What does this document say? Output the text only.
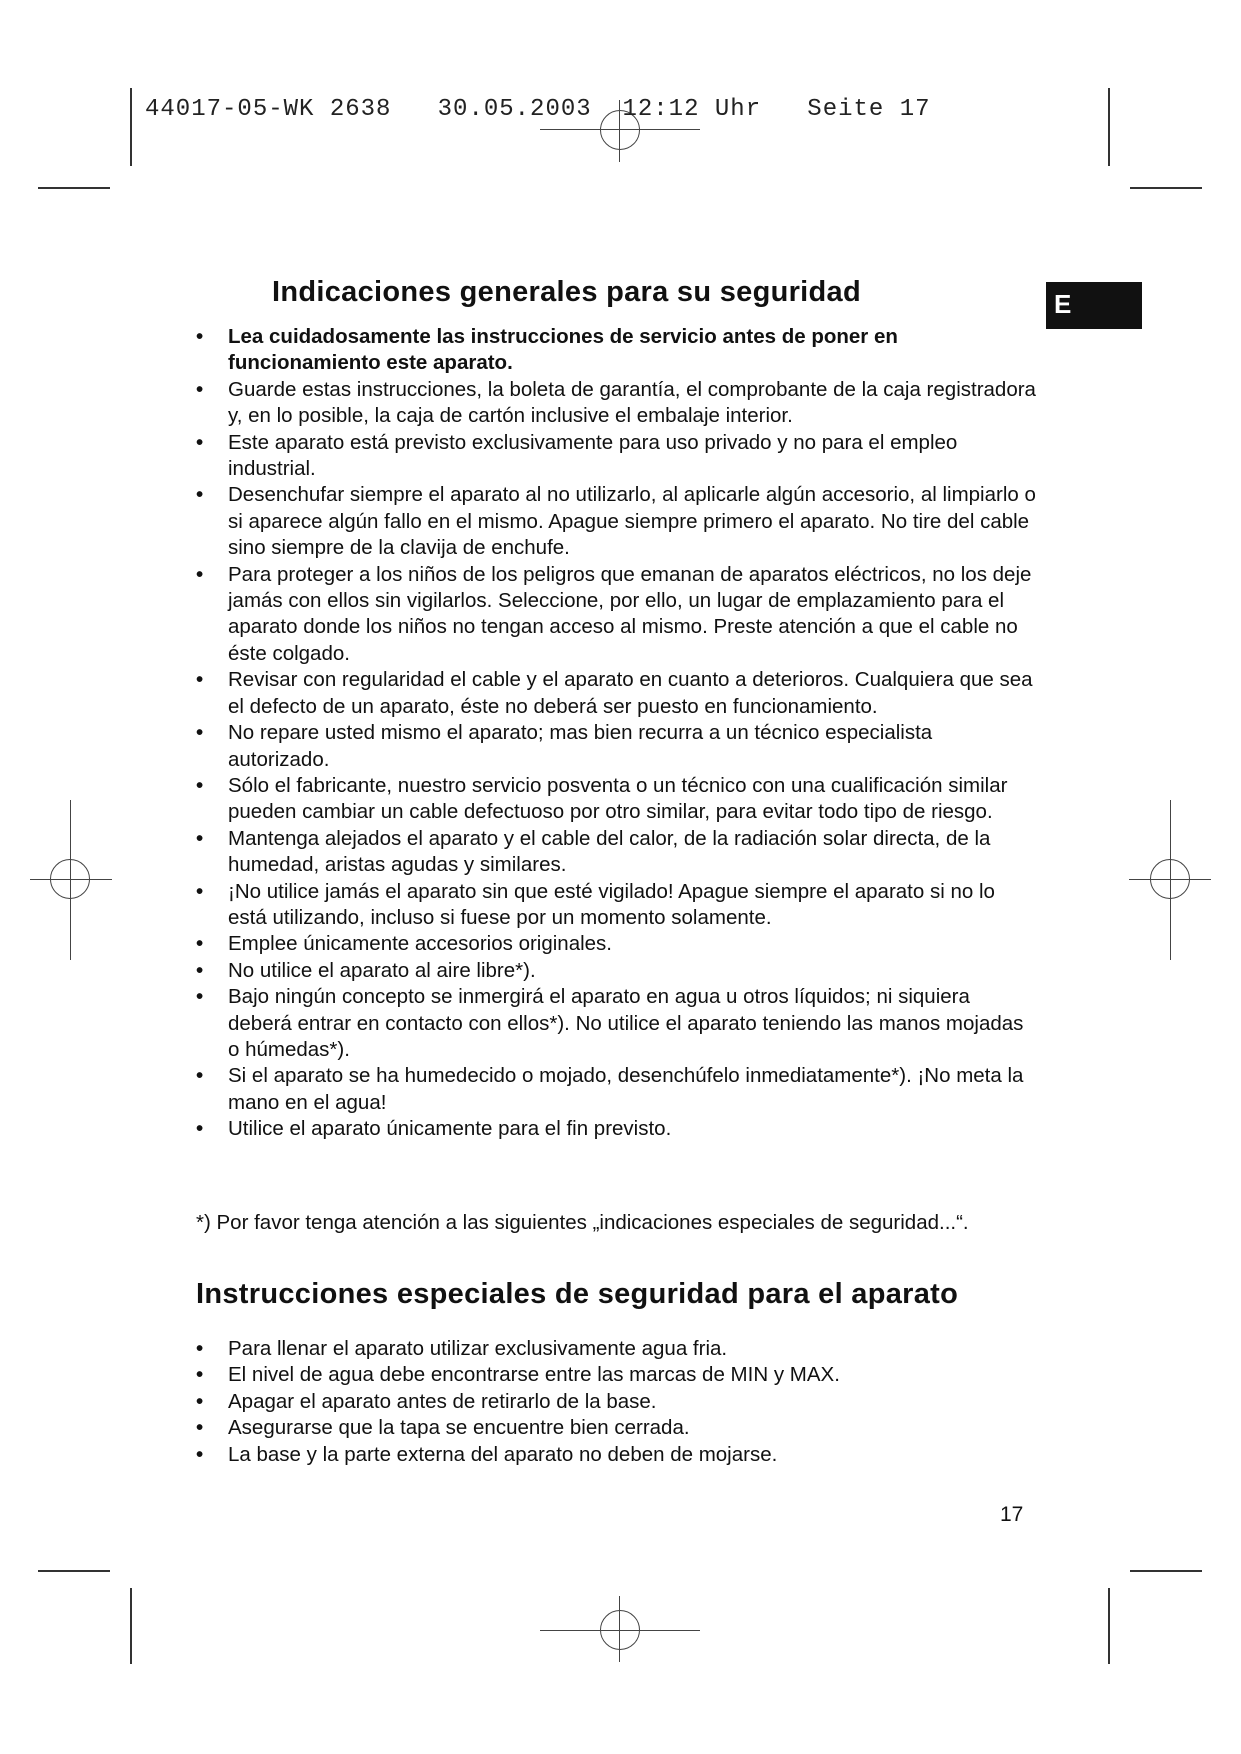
44017-05-WK 2638   30.05.2003  12:12 Uhr   Seite 17
E
Indicaciones generales para su seguridad
• Lea cuidadosamente las instrucciones de servicio antes de poner en funcionamiento este aparato.
• Guarde estas instrucciones, la boleta de garantía, el comprobante de la caja registradora y, en lo posible, la caja de cartón inclusive el embalaje interior.
• Este aparato está previsto exclusivamente para uso privado y no para el empleo industrial.
• Desenchufar siempre el aparato al no utilizarlo, al aplicarle algún accesorio, al limpiarlo o si aparece algún fallo en el mismo. Apague siempre primero el aparato. No tire del cable sino siempre de la clavija de enchufe.
• Para proteger a los niños de los peligros que emanan de aparatos eléctricos, no los deje jamás con ellos sin vigilarlos. Seleccione, por ello, un lugar de emplazamiento para el aparato donde los niños no tengan acceso al mismo. Preste atención a que el cable no éste colgado.
• Revisar con regularidad el cable y el aparato en cuanto a deterioros. Cualquiera que sea el defecto de un aparato, éste no deberá ser puesto en funcionamiento.
• No repare usted mismo el aparato; mas bien recurra a un técnico especialista autorizado.
• Sólo el fabricante, nuestro servicio posventa o un técnico con una cualificación similar pueden cambiar un cable defectuoso por otro similar, para evitar todo tipo de riesgo.
• Mantenga alejados el aparato y el cable del calor, de la radiación solar directa, de la humedad, aristas agudas y similares.
• ¡No utilice jamás el aparato sin que esté vigilado! Apague siempre el aparato si no lo está utilizando, incluso si fuese por un momento solamente.
• Emplee únicamente accesorios originales.
• No utilice el aparato al aire libre*).
• Bajo ningún concepto se inmergirá el aparato en agua u otros líquidos; ni siquiera deberá entrar en contacto con ellos*). No utilice el aparato teniendo las manos mojadas o húmedas*).
• Si el aparato se ha humedecido o mojado, desenchúfelo inmediatamente*). ¡No meta la mano en el agua!
• Utilice el aparato únicamente para el fin previsto.
*) Por favor tenga atención a las siguientes „indicaciones especiales de seguridad...“.
Instrucciones especiales de seguridad para el aparato
• Para llenar el aparato utilizar exclusivamente agua fria.
• El nivel de agua debe encontrarse entre las marcas de MIN y MAX.
• Apagar el aparato antes de retirarlo de la base.
• Asegurarse que la tapa se encuentre bien cerrada.
• La base y la parte externa del aparato no deben de mojarse.
17
